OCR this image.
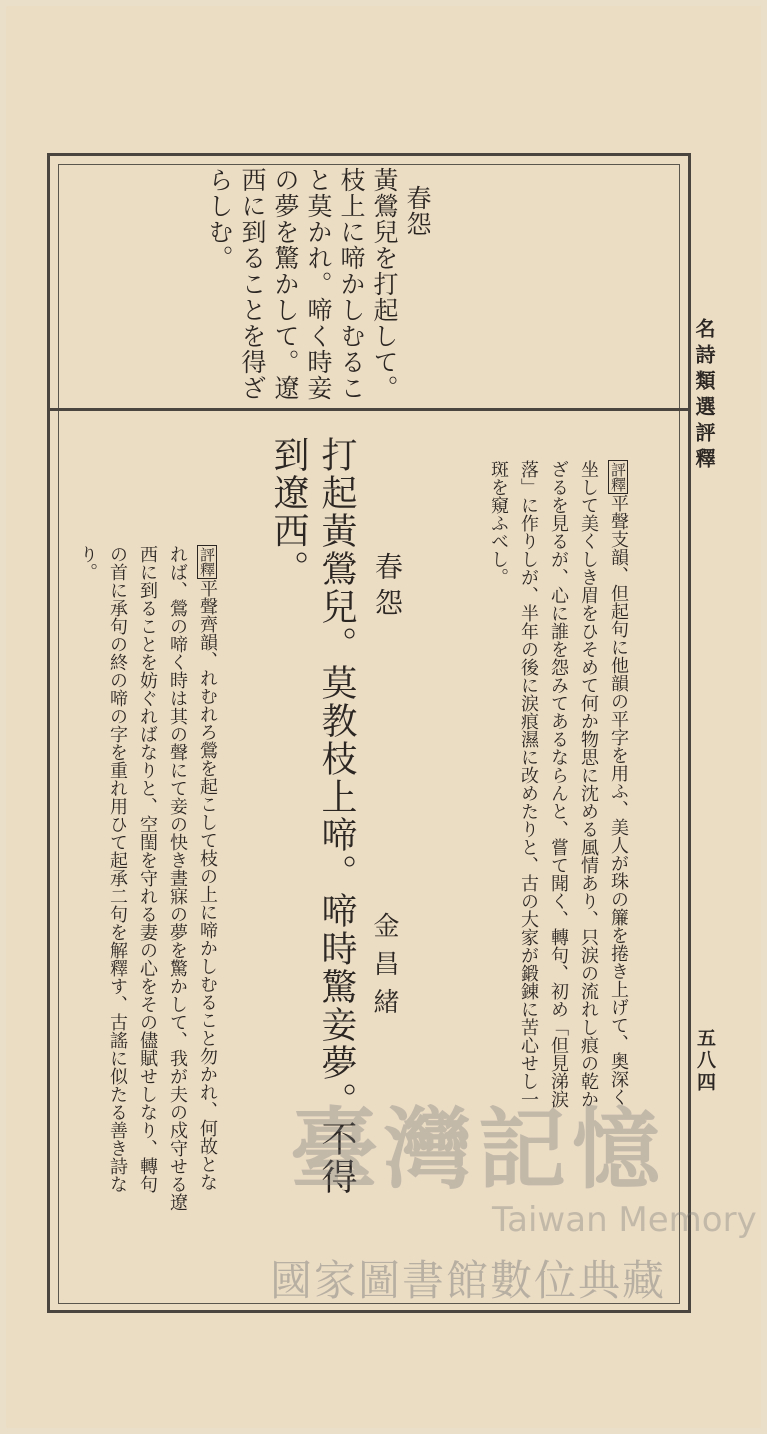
名詩類選評釋
五八四

春怨
黃鶯兒を打起して。
枝上に啼かしむるこ
と莫かれ。啼く時妾
の夢を驚かして。遼
西に到ることを得ざ
らしむ。

評釋平聲支韻、但起句に他韻の平字を用ふ、美人が珠の簾を捲き上げて、奥深く
坐して美くしき眉をひそめて何か物思に沈める風情あり、只涙の流れし痕の乾か
ざるを見るが、心に誰を怨みてあるならんと、嘗て聞く、轉句、初め「但見涕涙
落」に作りしが、半年の後に涙痕濕に改めたりと、古の大家が鍛錬に苦心せし一
斑を窺ふべし。
春怨
金昌緒
打起黃鶯兒。莫教枝上啼。啼時驚妾夢。不得
到遼西。
評釋平聲齊韻、れむれろ鶯を起こして枝の上に啼かしむること勿かれ、何故とな
れば、鶯の啼く時は其の聲にて妾の快き晝寐の夢を驚かして、我が夫の戍守せる遼
西に到ることを妨ぐればなりと、空閨を守れる妻の心をその儘賦せしなり、轉句
の首に承句の終の啼の字を重れ用ひて起承二句を解釋す、古謠に似たる善き詩な
り。
臺灣記憶
Taiwan Memory
國家圖書館數位典藏
